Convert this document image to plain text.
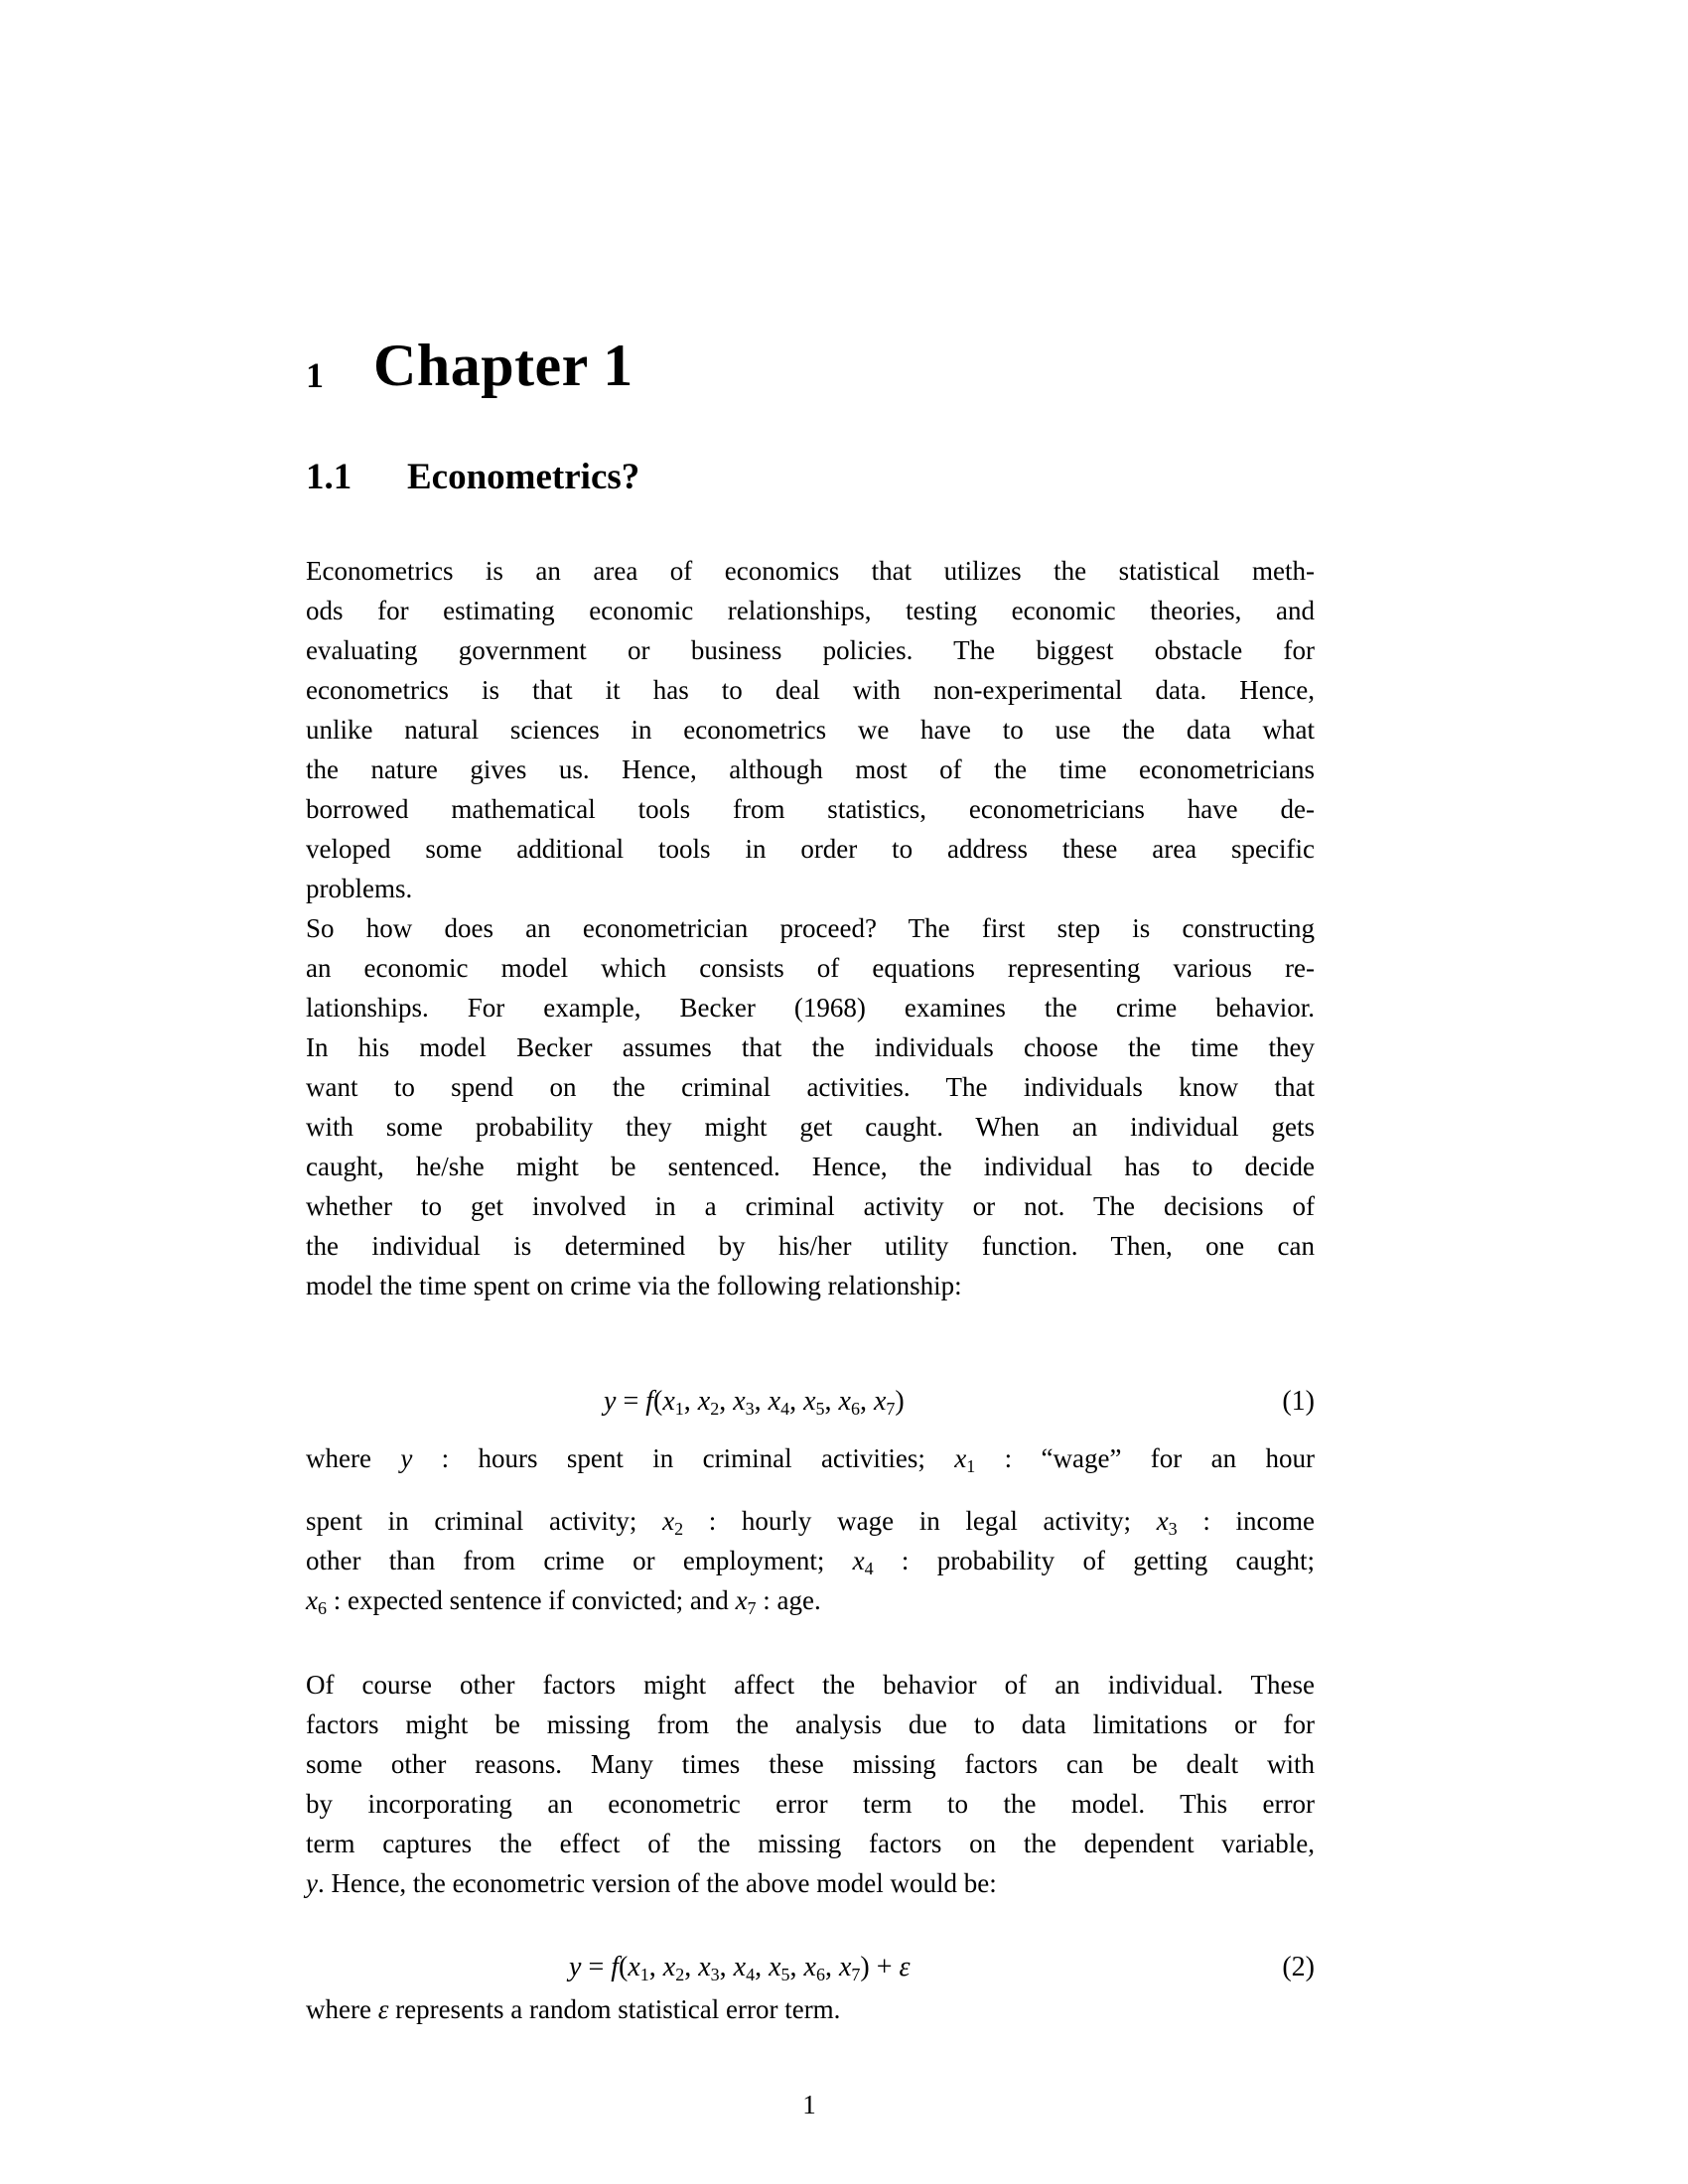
1 Chapter 1
1.1 Econometrics?
Econometrics is an area of economics that utilizes the statistical meth-
ods for estimating economic relationships, testing economic theories, and
evaluating government or business policies. The biggest obstacle for
econometrics is that it has to deal with non-experimental data. Hence,
unlike natural sciences in econometrics we have to use the data what
the nature gives us. Hence, although most of the time econometricians
borrowed mathematical tools from statistics, econometricians have de-
veloped some additional tools in order to address these area specific
problems.
So how does an econometrician proceed? The first step is constructing
an economic model which consists of equations representing various re-
lationships. For example, Becker (1968) examines the crime behavior.
In his model Becker assumes that the individuals choose the time they
want to spend on the criminal activities. The individuals know that
with some probability they might get caught. When an individual gets
caught, he/she might be sentenced. Hence, the individual has to decide
whether to get involved in a criminal activity or not. The decisions of
the individual is determined by his/her utility function. Then, one can
model the time spent on crime via the following relationship:
$y = f(x_1$, $x_2$, $x_3$, $x_4$, $x_5$, $x_6$, $x_7$)	(1)
where y : hours spent in criminal activities; $x_1$ : “wage” for an hour
spent in criminal activity; $x_2$ : hourly wage in legal activity; $x_3$ : income
other than from crime or employment; $x_4$ : probability of getting caught;
$x_6$ : expected sentence if convicted; and $x_7$ : age.
Of course other factors might affect the behavior of an individual. These
factors might be missing from the analysis due to data limitations or for
some other reasons. Many times these missing factors can be dealt with
by incorporating an econometric error term to the model. This error
term captures the effect of the missing factors on the dependent variable,
y. Hence, the econometric version of the above model would be:
$y = f(x_1$, $x_2$, $x_3$, $x_4$, $x_5$, $x_6$, $x_7) + \varepsilon$	(2)
where ε represents a random statistical error term.
1
